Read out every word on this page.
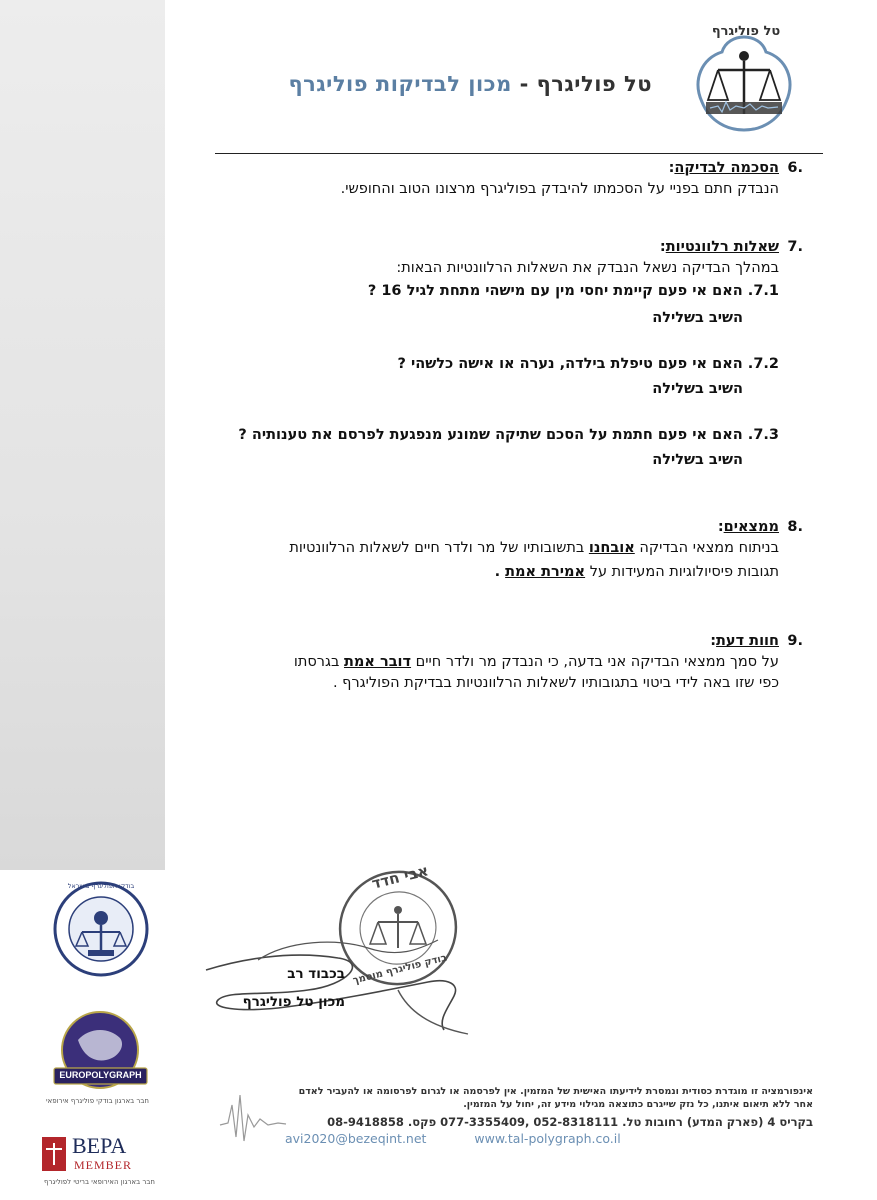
טל פוליגרף - מכון לבדיקות פוליגרף
טל פוליגרף
.6הסכמה לבדיקה:
הנבדק חתם בפניי על הסכמתו להיבדק בפוליגרף מרצונו הטוב והחופשי.
.7שאלות רלוונטיות:
במהלך הבדיקה נשאל הנבדק את השאלות הרלוונטיות הבאות:
7.1. האם אי פעם קיימת יחסי מין עם מישהי מתחת לגיל 16 ?
השיב בשלילה
7.2. האם אי פעם טיפלת בילדה, נערה או אישה כלשהי ?
השיב בשלילה
7.3. האם אי פעם חתמת על הסכם שתיקה שמונע מנפגעת לפרסם את טענותיה ?
השיב בשלילה
.8ממצאים:
בניתוח ממצאי הבדיקה אובחנו בתשובותיו של מר ולדר חיים לשאלות הרלוונטיות
תגובות פיסיולוגיות המעידות על אמירת אמת .
.9חוות דעת:
על סמך ממצאי הבדיקה אני בדעה, כי הנבדק מר ולדר חיים דובר אמת בגרסתו
כפי שזו באה לידי ביטוי בתגובותיו לשאלות הרלוונטיות בבדיקת הפוליגרף .
אבי חדד
בודק פוליגרף מוסמך
בכבוד רב
מכון טל פוליגרף
בודקי הפוליגרף בישראל
EUROPOLYGRAPH
חבר בארגון בודקי פוליגרף אירופאי
BEPA
MEMBER
חבר בארגון האירופאי בריטי לפוליגרף
אינפורמציה זו מוגדרת כסודית ונמסרת לידיעתו האישית של המזמין. אין לפרסמה או לגרום לפרסומה או להעביר לאדם
אחר ללא תיאום איתנו, כל נזק שייגרם כתוצאה מגילוי מידע זה, יחול על המזמין.
בקריס 4 (פארק המדע) רחובות טל. 052-8318111 ,077-3355409 פקס. 08-9418858
avi2020@bezeqint.net	www.tal-polygraph.co.il
